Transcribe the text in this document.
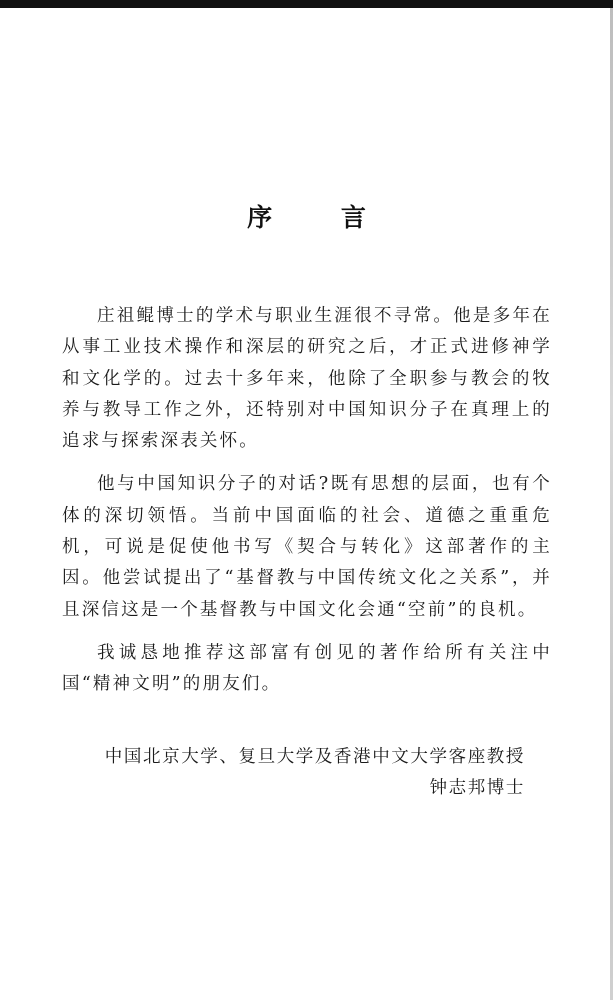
序 言

庄祖鲲博士的学术与职业生涯很不寻常。他是多年在从事工业技术操作和深层的研究之后，才正式进修神学和文化学的。过去十多年来，他除了全职参与教会的牧养与教导工作之外，还特别对中国知识分子在真理上的追求与探索深表关怀。

他与中国知识分子的对话?既有思想的层面，也有个体的深切领悟。当前中国面临的社会、道德之重重危机，可说是促使他书写《契合与转化》这部著作的主因。他尝试提出了“基督教与中国传统文化之关系”，并且深信这是一个基督教与中国文化会通“空前”的良机。

我诚恳地推荐这部富有创见的著作给所有关注中国“精神文明”的朋友们。

中国北京大学、复旦大学及香港中文大学客座教授
钟志邦博士
